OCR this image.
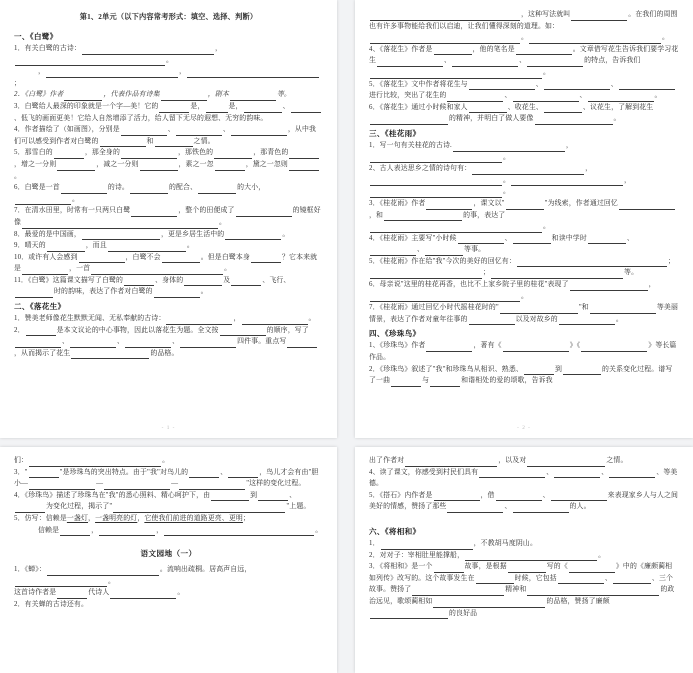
第1、2单元（以下内容常考形式：填空、选择、判断）
一、《白鹭》

1．有关白鹭的古诗：	，。

，	，；

2．《白鹭》作者	，代表作品有诗集	，剧本	等。

3．白鹭给人最深的印象就是一个字—美！它的	是，	是，	、、低飞的画面更美！它给人自然增添了活力，给人留下无尽的遐想、无穷的韵味。

4．作者描绘了（如画图），分别是	、	、	，从中我们可以感受到作者对白鹭的	和	之情。

5．那雪白的	，那全身的	，那铁色的	，那青色的，增之一分则	，减之一分则	，素之一忽	，黛之一忽则。

6．白鹭是一首	的诗。	的配合、	的大小，。

7．在清水田里，时常有一只两只白鹭	，整个的田便成了	的镜框好像	。

8．最爱的是中国画，	，更是乡居生活中的	。

9．晴天的	，而且	。

10．或许有人会感到	，白鹭不会	。但是白鹭本身	？它本来就是	，一首	。

11．《白鹭》这篇课文描写了白鹭的	、身体的	及	、飞行、时的韵味，表达了作者对白鹭的	。

二、《落花生》

1．赞美老师像花生默默无闻、无私奉献的古诗：	，	。

2．	是本文议论的中心事物，因此以落花生为题。全文按	的顺序，写了、	、	、	四件事。重点写，从而揭示了花生	的品格。

- 1 -

，这种写法就叫	。在我们的周围也有许多事物能给我们以启迪，让我们懂得深刻的道理。如：。	。

4、《落花生》作者是	，他的笔名是	。文章借写花生告诉我们要学习花生	、	、	的特点，告诉我们。

5．《落花生》文中作者将花生与	、	、进行比较，突出了花生的	、	、	。

6．《落花生》通过小时候和家人	、收花生、	、议花生，了解到花生的精神，并明白了做人要像	。

三、《桂花雨》

1．写一句有关桂花的古诗.	，。

2、古人表达思乡之情的诗句有：	，。	，。

3．《桂花雨》作者	，课文以"	"为线索，作者通过回忆，和	的事，表达了。

4．《桂花雨》主要写"小时候	、	和读中学时	、、	等事。

5．《桂花雨》作在给"我"今次的美好的回忆有：	；；	等。

6．母亲说"这里的桂花再香，也比不上家乡院子里的桂花"表现了	，。

7．《桂花雨》通过回忆小时代摇桂花时的"	"和	等美丽情景，表达了作者对童年往事的	以及对故乡的	。

四、《珍珠鸟》

1、《珍珠鸟》作者	，著有《	》《	》等长篇作品。

2．《珍珠鸟》叙述了"我"和珍珠鸟从相识、熟悉、	到	的关系变化过程。谱写了一曲	与	和谐相处的爱的颂歌，告诉我

- 2 -

们：	。

3．"	"是珍珠鸟的突出特点。由于"我"对鸟儿的	、	，鸟儿才会有由"胆小—	—	—	"这样的变化过程。

4．《珍珠鸟》描述了珍珠鸟在"我"的悉心照料、精心呵护下，由	到	、为变化过程，揭示了"	"上题。

5．仿写：信赖是一盏灯，一盏明亮的灯，它使我们前进的道路更亮、更明；

信赖是	，	，	。

语文园地（一）

1．《蝉》：	。流响出疏桐。居高声自远，。

这首诗作者是	代诗人	。

2．有关蝉的古诗还有。

出了作者对	，以及对	之情。

4、读了课文，你感受到村民们具有	、	、	、等美德。

5．《搭石》内作者是	，借	、	来表现家乡人与人之间美好的情感，赞扬了那些	、	的人。

六、《将相和》

1．	，不教胡马度阴山。

2．对对子：宰相肚里能撑船，	。

3．《将相和》是一个	故事，是根据	写的《	》中的《廉颇蔺相如列传》改写的。这个故事发生在	时候，它包括	、	、三个故事。赞扬了	精神和	的政治远见，歌颂蔺相如	的品格，赞扬了廉颇的良好品
